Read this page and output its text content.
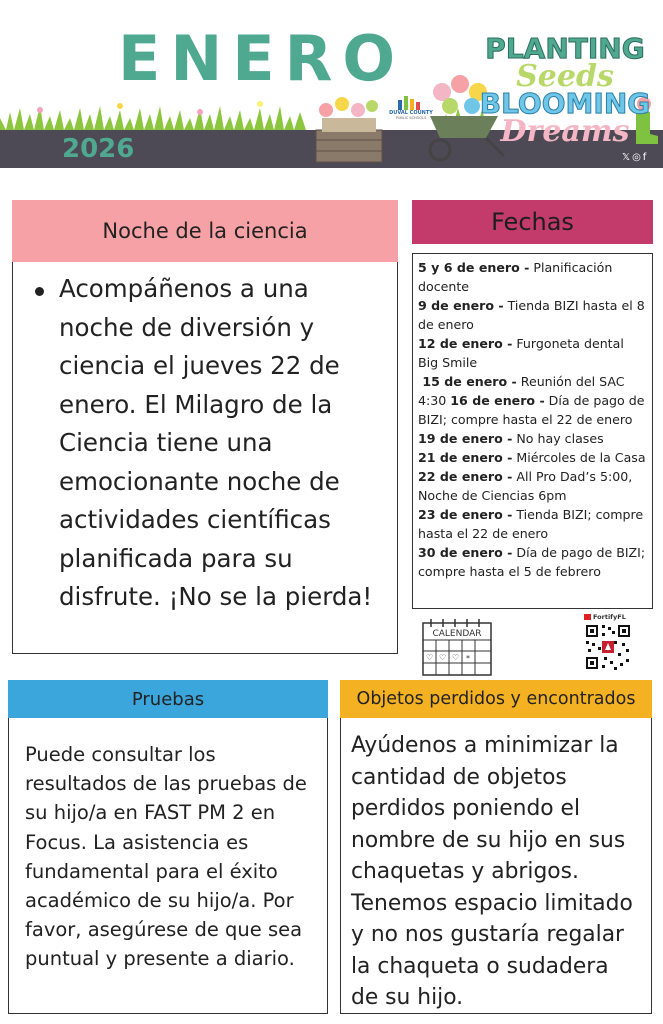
ENERO
2026
DUVAL COUNTY
PUBLIC SCHOOLS
PLANTING
Seeds
BLOOMING
Dreams
𝕏◎f
Noche de la ciencia
Acompáñenos a una noche de diversión y ciencia el jueves 22 de enero. El Milagro de la Ciencia tiene una emocionante noche de actividades científicas planificada para su disfrute. ¡No se la pierda!
Fechas

5 y 6 de enero - Planificación docente

9 de enero - Tienda BIZI hasta el 8 de enero

12 de enero - Furgoneta dental Big Smile

15 de enero - Reunión del SAC 4:30 16 de enero - Día de pago de BIZI; compre hasta el 22 de enero

19 de enero - No hay clases

21 de enero - Miércoles de la Casa

22 de enero - All Pro Dad’s 5:00, Noche de Ciencias 6pm

23 de enero - Tienda BIZI; compre hasta el 22 de enero

30 de enero - Día de pago de BIZI; compre hasta el 5 de febrero

CALENDAR
♡ ♡ ♡ *
FortifyFL
Pruebas

Puede consultar los resultados de las pruebas de su hijo/a en FAST PM 2 en Focus. La asistencia es fundamental para el éxito académico de su hijo/a. Por favor, asegúrese de que sea puntual y presente a diario.

Objetos perdidos y encontrados

Ayúdenos a minimizar la cantidad de objetos perdidos poniendo el nombre de su hijo en sus chaquetas y abrigos. Tenemos espacio limitado y no nos gustaría regalar la chaqueta o sudadera de su hijo.
